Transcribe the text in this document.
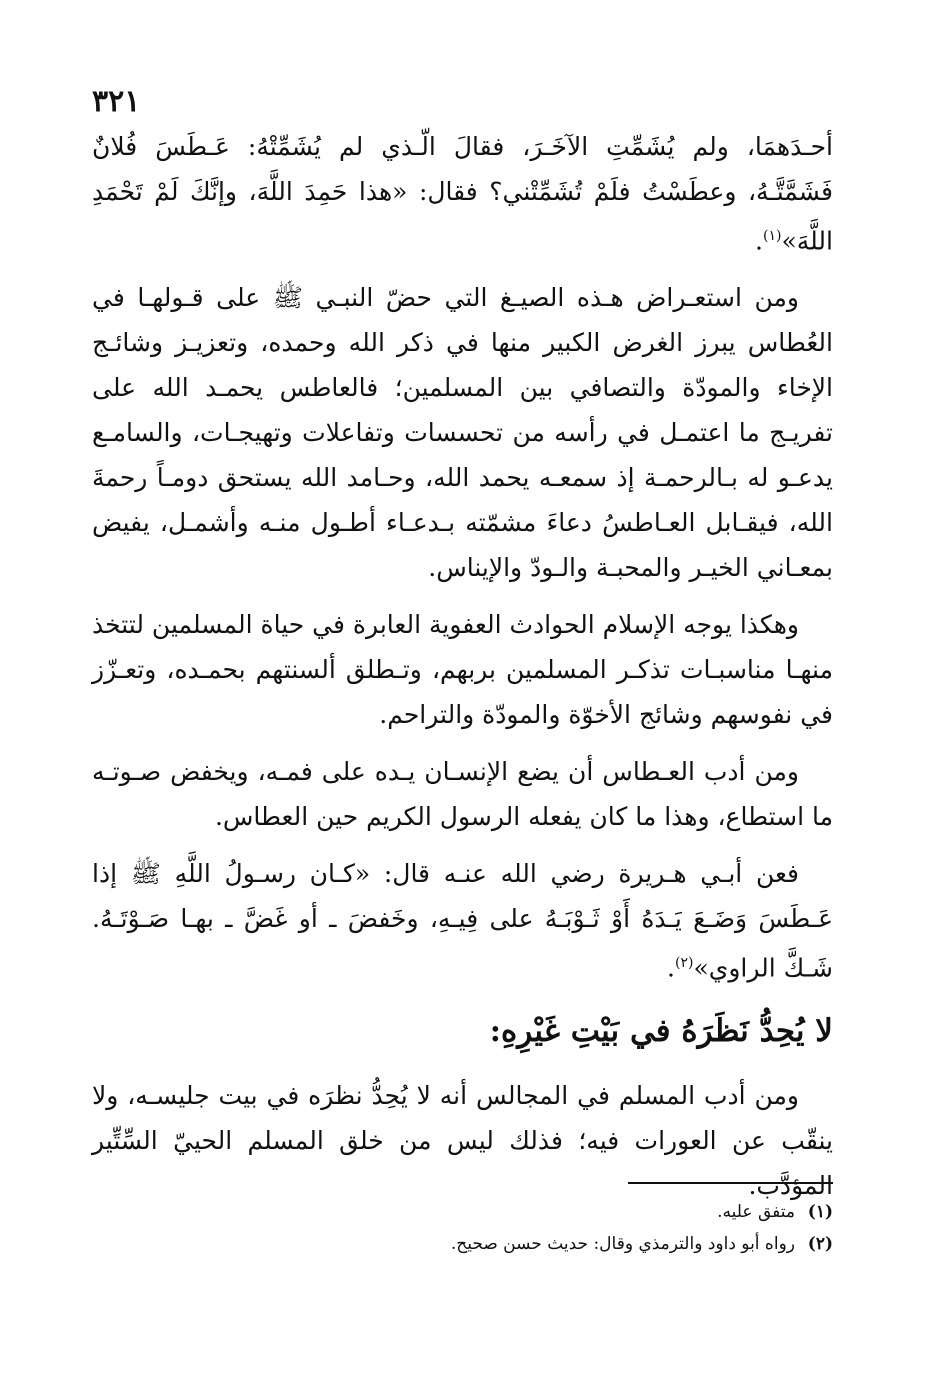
٣٢١

أحـدَهمَا، ولم يُشَمِّتِ الآخَـرَ، فقالَ الّـذي لم يُشَمِّتْهُ: عَـطَسَ فُلانٌ فَشَمَّتَّـهُ، وعطَسْتُ فلَمْ تُشَمِّتْني؟ فقال: «هذا حَمِدَ اللَّهَ، وإنَّكَ لَمْ تَحْمَدِ اللَّهَ»$^{(١)}$.

ومن استعـراض هـذه الصيـغ التي حضّ النبـي ﷺ على قـولهـا في العُطاس يبرز الغرض الكبير منها في ذكر الله وحمده، وتعزيـز وشائـج الإخاء والمودّة والتصافي بين المسلمين؛ فالعاطس يحمـد الله على تفريـج ما اعتمـل في رأسه من تحسسات وتفاعلات وتهيجـات، والسامـع يدعـو له بـالرحمـة إذ سمعـه يحمد الله، وحـامد الله يستحق دومـاً رحمةَ الله، فيقـابل العـاطسُ دعاءَ مشمّته بـدعـاء أطـول منـه وأشمـل، يفيض بمعـاني الخيـر والمحبـة والـودّ والإيناس.

وهكذا يوجه الإسلام الحوادث العفوية العابرة في حياة المسلمين لتتخذ منهـا مناسبـات تذكـر المسلمين بربهم، وتـطلق ألسنتهم بحمـده، وتعـزّز في نفوسهم وشائج الأخوّة والمودّة والتراحم.

ومن أدب العـطاس أن يضع الإنسـان يـده على فمـه، ويخفض صـوتـه ما استطاع، وهذا ما كان يفعله الرسول الكريم حين العطاس.

فعن أبـي هـريرة رضي الله عنـه قال: «كـان رسـولُ اللَّهِ ﷺ إذا عَـطَسَ وَضَـعَ يَـدَهُ أَوْ ثَـوْبَـهُ على فِيـهِ، وخَفضَ ـ أو غَضَّ ـ بهـا صَـوْتَـهُ. شَـكَّ الراوي»$^{(٢)}$.

لا يُحِدُّ نَظَرَهُ في بَيْتِ غَيْرِهِ:

ومن أدب المسلم في المجالس أنه لا يُحِدُّ نظرَه في بيت جليسـه، ولا ينقّب عن العورات فيه؛ فذلك ليس من خلق المسلم الحييّ السِّتِّير المؤدَّب.

(١)متفق عليه.
(٢)رواه أبو داود والترمذي وقال: حديث حسن صحيح.
